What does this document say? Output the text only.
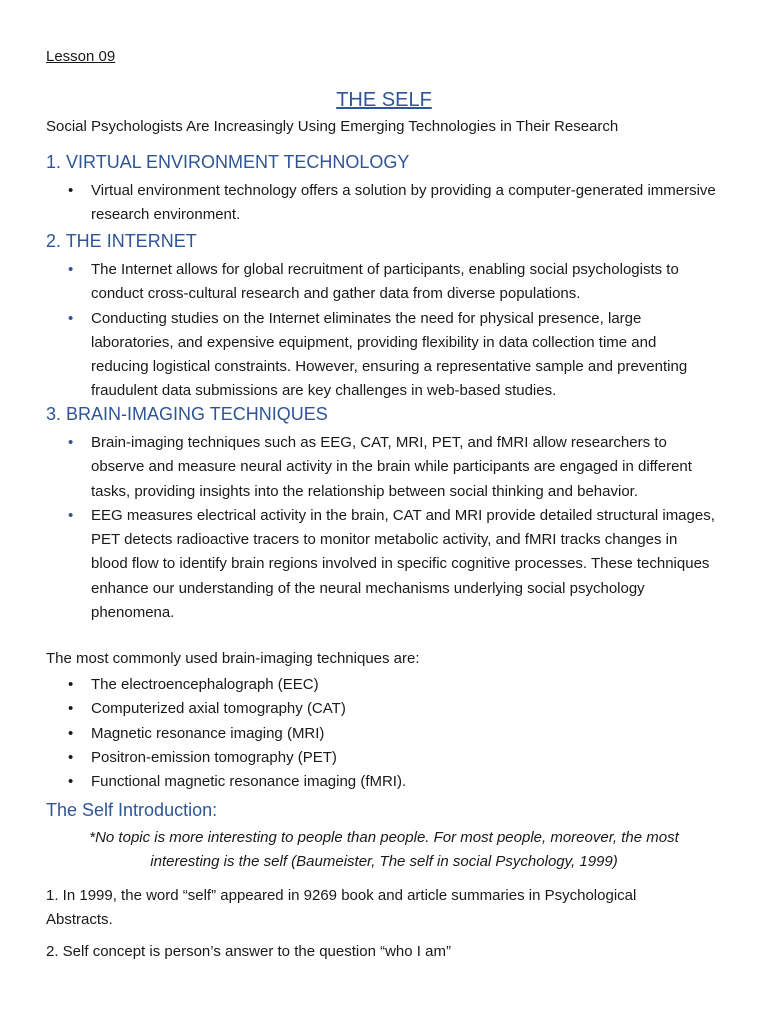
Lesson 09
THE SELF
Social Psychologists Are Increasingly Using Emerging Technologies in Their Research
1. VIRTUAL ENVIRONMENT TECHNOLOGY
• Virtual environment technology offers a solution by providing a computer-generated immersive research environment.
2. THE INTERNET
• The Internet allows for global recruitment of participants, enabling social psychologists to conduct cross-cultural research and gather data from diverse populations.
• Conducting studies on the Internet eliminates the need for physical presence, large laboratories, and expensive equipment, providing flexibility in data collection time and reducing logistical constraints. However, ensuring a representative sample and preventing fraudulent data submissions are key challenges in web-based studies.
3. BRAIN-IMAGING TECHNIQUES
• Brain-imaging techniques such as EEG, CAT, MRI, PET, and fMRI allow researchers to observe and measure neural activity in the brain while participants are engaged in different tasks, providing insights into the relationship between social thinking and behavior.
• EEG measures electrical activity in the brain, CAT and MRI provide detailed structural images, PET detects radioactive tracers to monitor metabolic activity, and fMRI tracks changes in blood flow to identify brain regions involved in specific cognitive processes. These techniques enhance our understanding of the neural mechanisms underlying social psychology phenomena.
The most commonly used brain-imaging techniques are:
• The electroencephalograph (EEC)
• Computerized axial tomography (CAT)
• Magnetic resonance imaging (MRI)
• Positron-emission tomography (PET)
• Functional magnetic resonance imaging (fMRI).
The Self Introduction:
*No topic is more interesting to people than people. For most people, moreover, the most interesting is the self (Baumeister, The self in social Psychology, 1999)
1. In 1999, the word “self” appeared in 9269 book and article summaries in Psychological Abstracts.
2. Self concept is person’s answer to the question “who I am”
